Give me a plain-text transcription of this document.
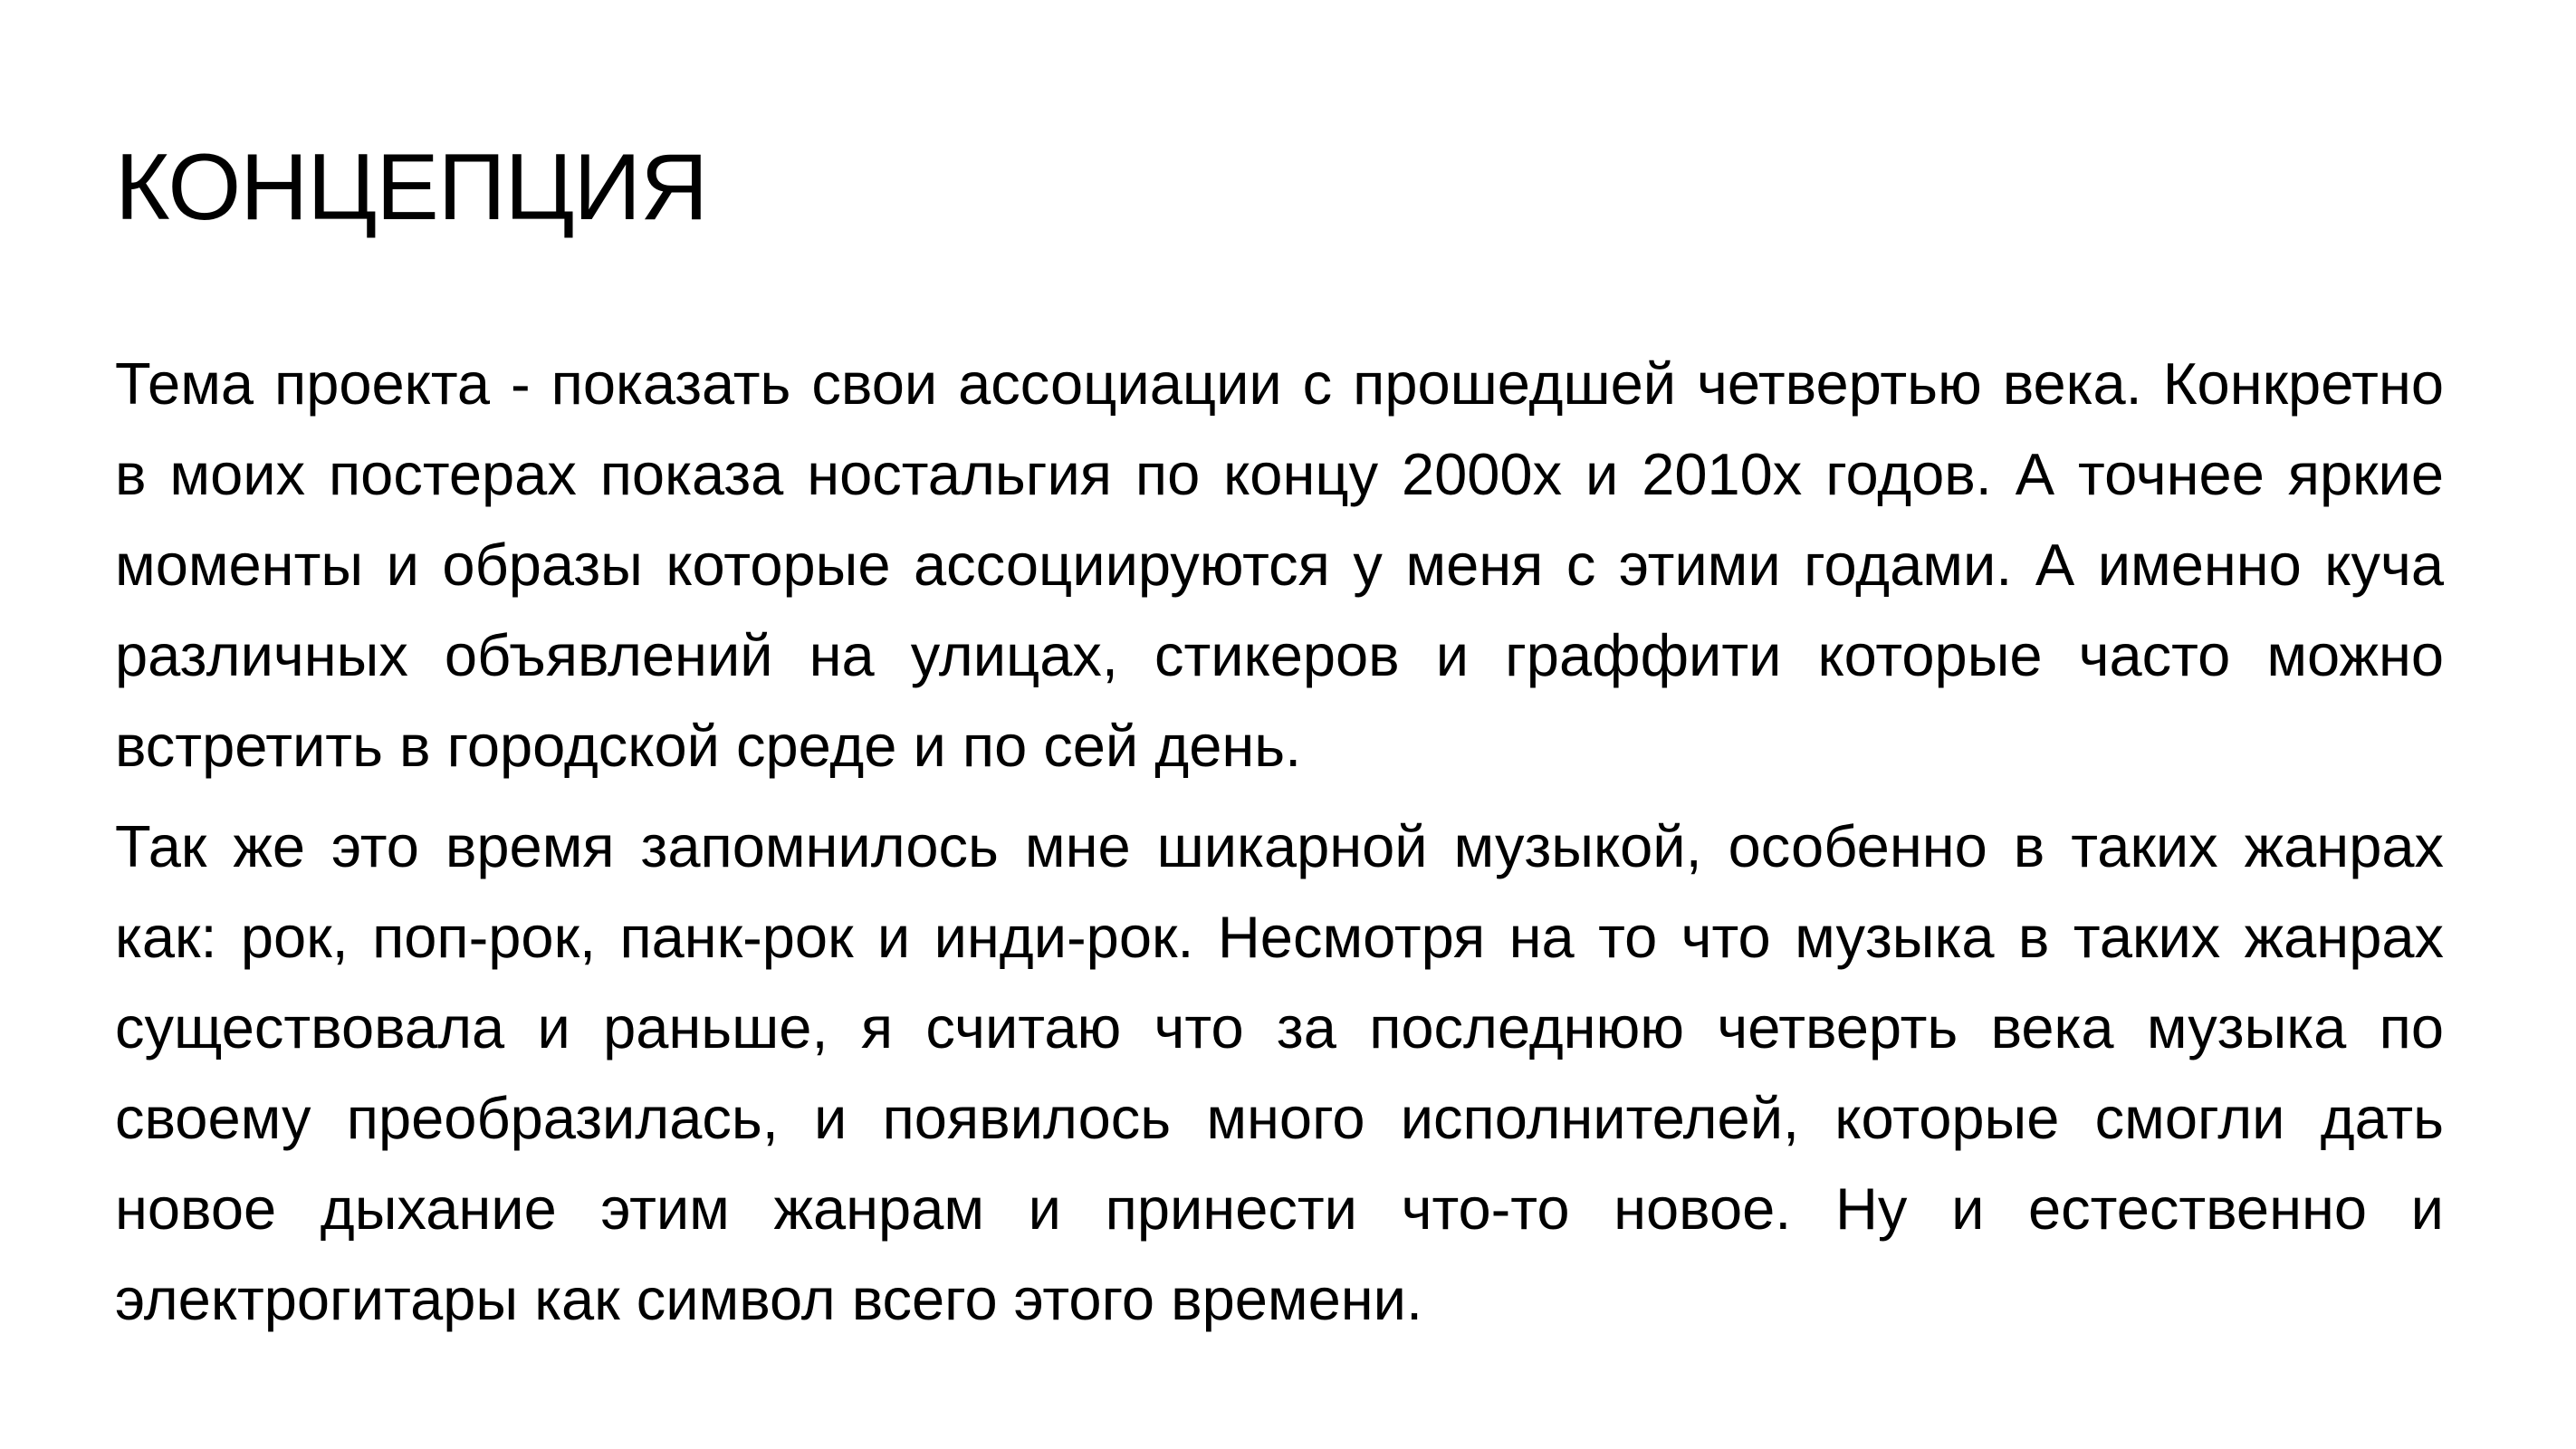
КОНЦЕПЦИЯ

Тема проекта - показать свои ассоциации с прошедшей четвертью века. Конкретно в моих постерах показа ностальгия по концу 2000х и 2010х годов. А точнее яркие моменты и образы которые ассоциируются у меня с этими годами. А именно куча различных объявлений на улицах, стикеров и граффити которые часто можно встретить в городской среде и по сей день.

Так же это время запомнилось мне шикарной музыкой, особенно в таких жанрах как: рок, поп-рок, панк-рок и инди-рок. Несмотря на то что музыка в таких жанрах существовала и раньше, я считаю что за последнюю четверть века музыка по своему преобразилась, и появилось много исполнителей, которые смогли дать новое дыхание этим жанрам и принести что-то новое. Ну и естественно и электрогитары как символ всего этого времени.
